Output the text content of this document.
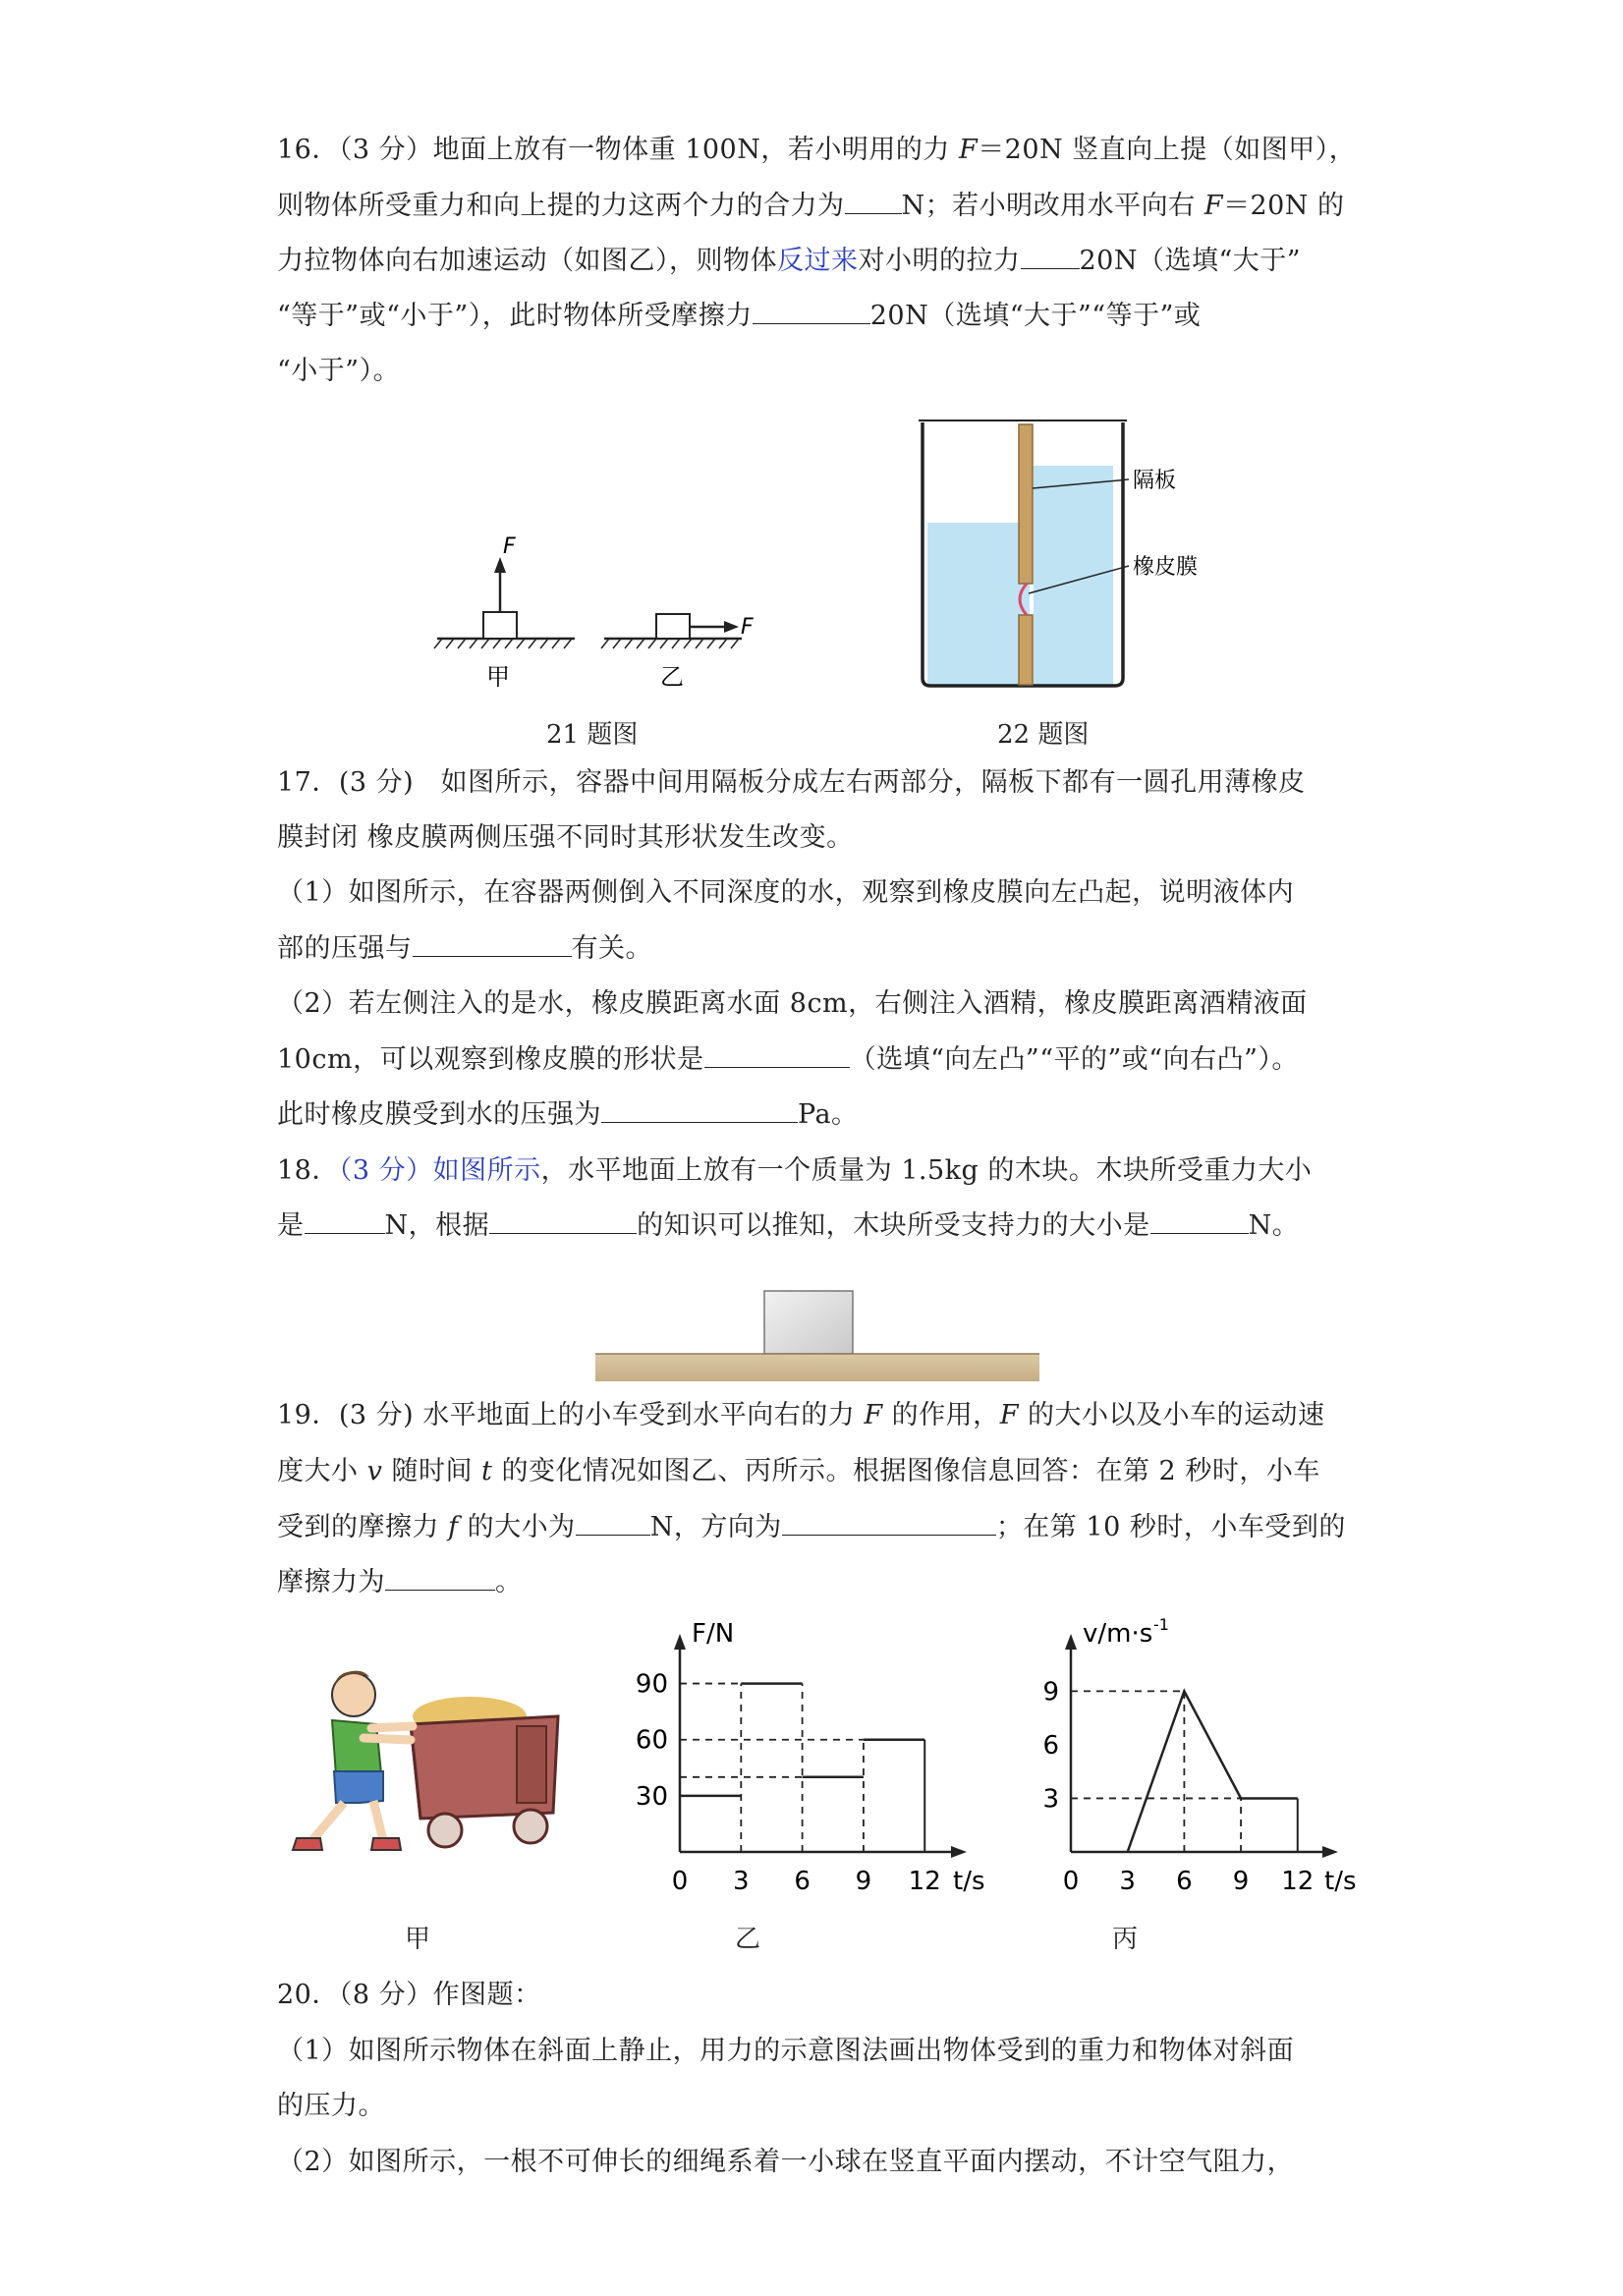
16．（3 分）地面上放有一物体重 100N，若小明用的力 F＝20N 竖直向上提（如图甲），
则物体所受重力和向上提的力这两个力的合力为 N；若小明改用水平向右 F＝20N 的
力拉物体向右加速运动（如图乙），则物体反过来对小明的拉力 20N（选填“大于”
“等于”或“小于”），此时物体所受摩擦力	20N（选填“大于”“等于”或
“小于”）。
F
甲
F
乙
21 题图
隔板
橡皮膜
22 题图
17．(3 分)　如图所示，容器中间用隔板分成左右两部分，隔板下都有一圆孔用薄橡皮
膜封闭 橡皮膜两侧压强不同时其形状发生改变。
（1）如图所示，在容器两侧倒入不同深度的水，观察到橡皮膜向左凸起，说明液体内
部的压强与	有关。
（2）若左侧注入的是水，橡皮膜距离水面 8cm，右侧注入酒精，橡皮膜距离酒精液面
10cm，可以观察到橡皮膜的形状是	（选填“向左凸”“平的”或“向右凸”）。
此时橡皮膜受到水的压强为	Pa。
18．（3 分）如图所示，水平地面上放有一个质量为 1.5kg 的木块。木块所受重力大小
是	N，根据	的知识可以推知，木块所受支持力的大小是	N。
19．(3 分) 水平地面上的小车受到水平向右的力 F 的作用，F 的大小以及小车的运动速
度大小 v 随时间 t 的变化情况如图乙、丙所示。根据图像信息回答：在第 2 秒时，小车
受到的摩擦力 f 的大小为	N，方向为	；在第 10 秒时，小车受到的
摩擦力为	。
F/N
t/s
0 3 6 9 12
30
60
90
v/m·s -1
t/s
0 3 6 9 12
3
6
9
甲	乙	丙
20．（8 分）作图题：
（1）如图所示物体在斜面上静止，用力的示意图法画出物体受到的重力和物体对斜面
的压力。
（2）如图所示，一根不可伸长的细绳系着一小球在竖直平面内摆动，不计空气阻力，
